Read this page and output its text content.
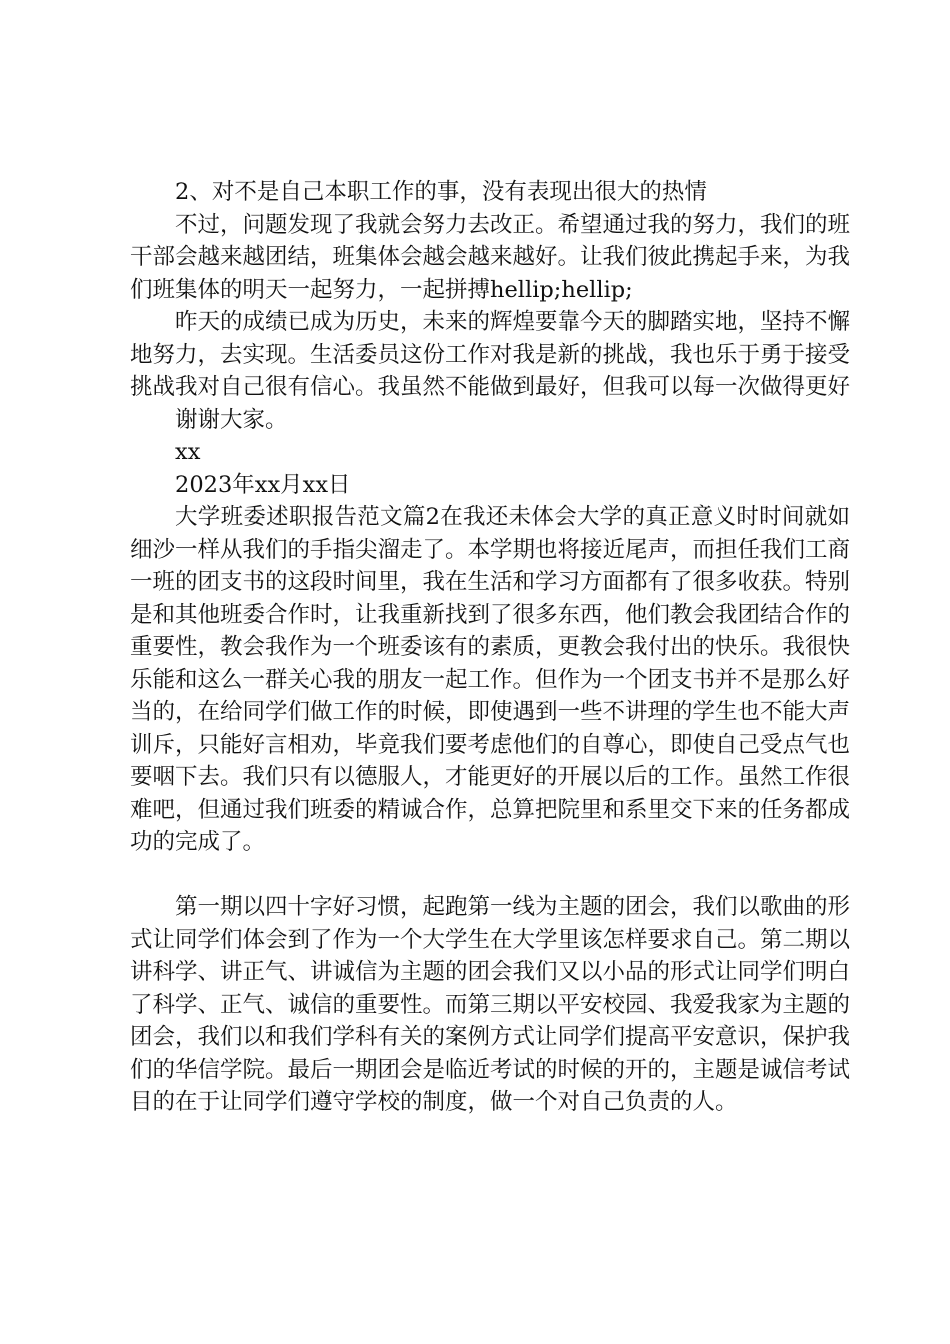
2、对不是自己本职工作的事，没有表现出很大的热情

不过，问题发现了我就会努力去改正。希望通过我的努力，我们的班干部会越来越团结，班集体会越会越来越好。让我们彼此携起手来，为我们班集体的明天一起努力，一起拼搏hellip;hellip;

昨天的成绩已成为历史，未来的辉煌要靠今天的脚踏实地，坚持不懈地努力，去实现。生活委员这份工作对我是新的挑战，我也乐于勇于接受挑战我对自己很有信心。我虽然不能做到最好，但我可以每一次做得更好

谢谢大家。

xx

2023年xx月xx日

大学班委述职报告范文篇2在我还未体会大学的真正意义时时间就如细沙一样从我们的手指尖溜走了。本学期也将接近尾声，而担任我们工商一班的团支书的这段时间里，我在生活和学习方面都有了很多收获。特别是和其他班委合作时，让我重新找到了很多东西，他们教会我团结合作的重要性，教会我作为一个班委该有的素质，更教会我付出的快乐。我很快乐能和这么一群关心我的朋友一起工作。但作为一个团支书并不是那么好当的，在给同学们做工作的时候，即使遇到一些不讲理的学生也不能大声训斥，只能好言相劝，毕竟我们要考虑他们的自尊心，即使自己受点气也要咽下去。我们只有以德服人，才能更好的开展以后的工作。虽然工作很难吧，但通过我们班委的精诚合作，总算把院里和系里交下来的任务都成功的完成了。

第一期以四十字好习惯，起跑第一线为主题的团会，我们以歌曲的形式让同学们体会到了作为一个大学生在大学里该怎样要求自己。第二期以讲科学、讲正气、讲诚信为主题的团会我们又以小品的形式让同学们明白了科学、正气、诚信的重要性。而第三期以平安校园、我爱我家为主题的团会，我们以和我们学科有关的案例方式让同学们提高平安意识，保护我们的华信学院。最后一期团会是临近考试的时候的开的，主题是诚信考试目的在于让同学们遵守学校的制度，做一个对自己负责的人。
